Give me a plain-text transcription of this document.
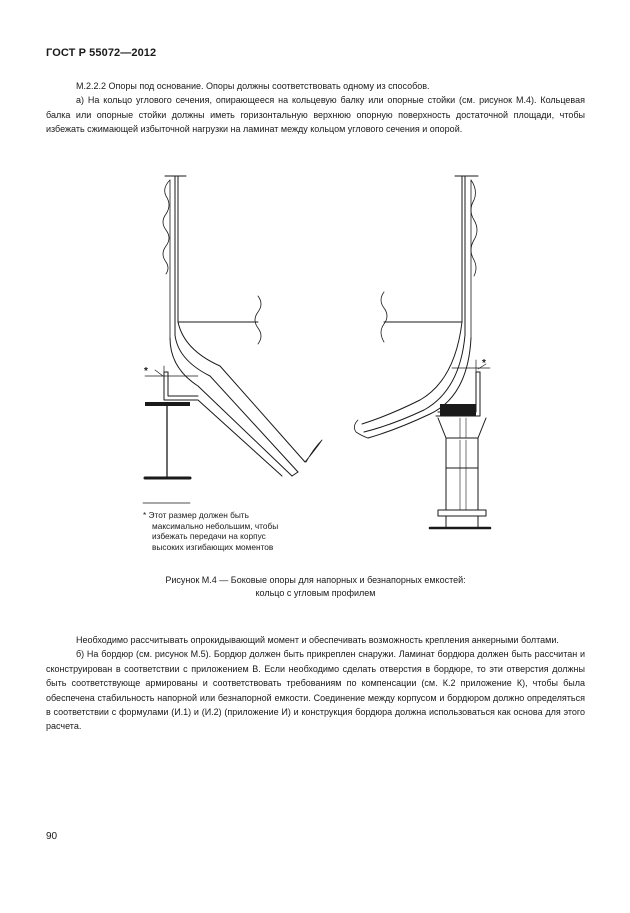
ГОСТ Р 55072—2012

М.2.2.2 Опоры под основание. Опоры должны соответствовать одному из способов.

а) На кольцо углового сечения, опирающееся на кольцевую балку или опорные стойки (см. рисунок М.4). Кольцевая балка или опорные стойки должны иметь горизонтальную верхнюю опорную поверхность достаточной площади, чтобы избежать сжимающей избыточной нагрузки на ламинат между кольцом углового сечения и опорой.

*
*
* Этот размер должен быть
максимально небольшим, чтобы
избежать передачи на корпус
высоких изгибающих моментов
Рисунок М.4 — Боковые опоры для напорных и безнапорных емкостей:
кольцо с угловым профилем

Необходимо рассчитывать опрокидывающий момент и обеспечивать возможность крепления анкерными болтами.

б) На бордюр (см. рисунок М.5). Бордюр должен быть прикреплен снаружи. Ламинат бордюра должен быть рассчитан и сконструирован в соответствии с приложением В. Если необходимо сделать отверстия в бордюре, то эти отверстия должны быть соответствующе армированы и соответствовать требованиям по компенсации (см. К.2 приложение К), чтобы была обеспечена стабильность напорной или безнапорной емкости. Соединение между корпусом и бордюром должно определяться в соответствии с формулами (И.1) и (И.2) (приложение И) и конструкция бордюра должна использоваться как основа для этого расчета.

90
